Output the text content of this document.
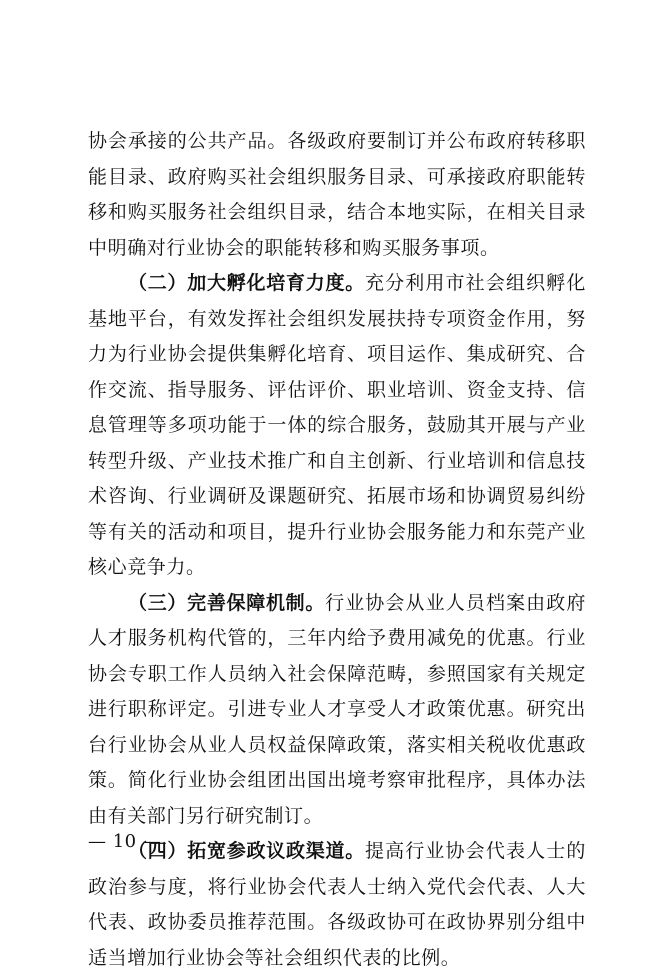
协会承接的公共产品。各级政府要制订并公布政府转移职能目录、政府购买社会组织服务目录、可承接政府职能转移和购买服务社会组织目录，结合本地实际，在相关目录中明确对行业协会的职能转移和购买服务事项。

（二）加大孵化培育力度。充分利用市社会组织孵化基地平台，有效发挥社会组织发展扶持专项资金作用，努力为行业协会提供集孵化培育、项目运作、集成研究、合作交流、指导服务、评估评价、职业培训、资金支持、信息管理等多项功能于一体的综合服务，鼓励其开展与产业转型升级、产业技术推广和自主创新、行业培训和信息技术咨询、行业调研及课题研究、拓展市场和协调贸易纠纷等有关的活动和项目，提升行业协会服务能力和东莞产业核心竞争力。

（三）完善保障机制。行业协会从业人员档案由政府人才服务机构代管的，三年内给予费用减免的优惠。行业协会专职工作人员纳入社会保障范畴，参照国家有关规定进行职称评定。引进专业人才享受人才政策优惠。研究出台行业协会从业人员权益保障政策，落实相关税收优惠政策。简化行业协会组团出国出境考察审批程序，具体办法由有关部门另行研究制订。

（四）拓宽参政议政渠道。提高行业协会代表人士的政治参与度，将行业协会代表人士纳入党代会代表、人大代表、政协委员推荐范围。各级政协可在政协界别分组中适当增加行业协会等社会组织代表的比例。

— 10 —
